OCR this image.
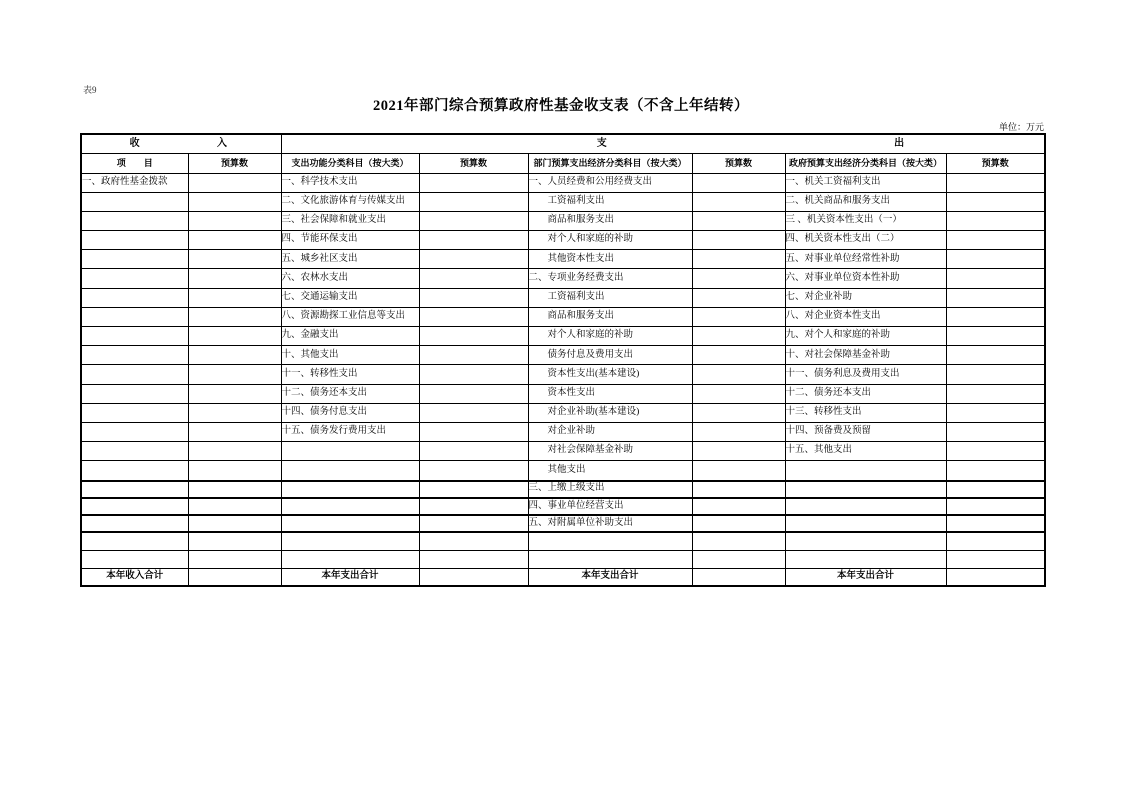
表9
2021年部门综合预算政府性基金收支表（不含上年结转）
单位：万元
收 入		支 出					

项　　目	预算数	支出功能分类科目（按大类）	预算数	部门预算支出经济分类科目（按大类）	预算数	政府预算支出经济分类科目（按大类）	预算数
一、政府性基金拨款		一、科学技术支出		一、人员经费和公用经费支出		一、机关工资福利支出	
		二、文化旅游体育与传媒支出		工资福利支出		二、机关商品和服务支出	
		三、社会保障和就业支出		商品和服务支出		三 、机关资本性支出（一）	
		四、节能环保支出		对个人和家庭的补助		四、机关资本性支出（二）	
		五、城乡社区支出		其他资本性支出		五、对事业单位经常性补助	
		六、农林水支出		二、专项业务经费支出		六、对事业单位资本性补助	
		七、交通运输支出		工资福利支出		七、对企业补助	
		八、资源勘探工业信息等支出		商品和服务支出		八、对企业资本性支出	
		九、金融支出		对个人和家庭的补助		九、对个人和家庭的补助	
		十、其他支出		债务付息及费用支出		十、对社会保障基金补助	
		十一、转移性支出		资本性支出(基本建设)		十一、债务利息及费用支出	
		十二、债务还本支出		资本性支出		十二、债务还本支出	
		十四、债务付息支出		对企业补助(基本建设)		十三、转移性支出	
		十五、债务发行费用支出		对企业补助		十四、预备费及预留	
				对社会保障基金补助		十五、其他支出	
				其他支出			
				三、上缴上级支出			
				四、事业单位经营支出			
				五、对附属单位补助支出			

本年收入合计		本年支出合计		本年支出合计		本年支出合计	
